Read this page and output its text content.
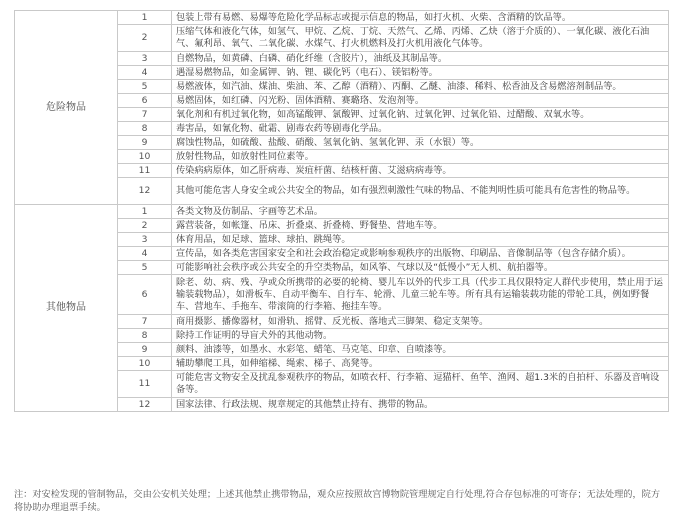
危险物品	1	包装上带有易燃、易爆等危险化学品标志或提示信息的物品，如打火机、火柴、含酒精的饮品等。
	2	压缩气体和液化气体，如氢气、甲烷、乙烷、丁烷、天然气、乙烯、丙烯、乙炔（溶于介质的）、一氧化碳、液化石油气、氟利昂、氧气、二氧化碳、水煤气、打火机燃料及打火机用液化气体等。
	3	自燃物品，如黄磷、白磷、硝化纤维（含胶片），油纸及其制品等。
	4	遇湿易燃物品，如金属钾、钠、锂、碳化钙（电石）、镁铝粉等。
	5	易燃液体，如汽油、煤油、柴油、苯、乙醇（酒精）、丙酮、乙醚、油漆、稀料、松香油及含易燃溶剂制品等。
	6	易燃固体，如红磷、闪光粉、固体酒精、赛璐珞、发泡剂等。
	7	氧化剂和有机过氧化物，如高锰酸钾、氯酸钾、过氧化钠、过氧化钾、过氧化铅、过醋酸、双氧水等。
	8	毒害品，如氰化物、砒霜、剧毒农药等剧毒化学品。
	9	腐蚀性物品，如硫酸、盐酸、硝酸、氢氧化钠、氢氧化钾、汞（水银）等。
	10	放射性物品，如放射性同位素等。
	11	传染病病原体，如乙肝病毒、炭疽杆菌、结核杆菌、艾滋病病毒等。
	12	其他可能危害人身安全或公共安全的物品，如有强烈刺激性气味的物品、不能判明性质可能具有危害性的物品等。
其他物品	1	各类文物及仿制品、字画等艺术品。
	2	露营装备，如帐篷、吊床、折叠桌、折叠椅、野餐垫、营地车等。
	3	体育用品，如足球、篮球、球拍、跳绳等。
	4	宣传品，如各类危害国家安全和社会政治稳定或影响参观秩序的出版物、印刷品、音像制品等（包含存储介质）。
	5	可能影响社会秩序或公共安全的升空类物品，如风筝、气球以及“低慢小”无人机、航拍器等。
	6	除老、幼、病、残、孕或众所携带的必要的轮椅、婴儿车以外的代步工具（代步工具仅限特定人群代步使用，禁止用于运输装载物品），如滑板车、自动平衡车、自行车、轮滑、儿童三轮车等。所有具有运输装载功能的带轮工具，例如野餐车、营地车、手拖车、带滚筒的行李箱、拖挂车等。
	7	商用摄影、播像器材，如滑轨、摇臂、反光板、落地式三脚架、稳定支架等。
	8	除持工作证明的导盲犬外的其他动物。
	9	颜料、油漆等，如墨水、水彩笔、蜡笔、马克笔、印章、自喷漆等。
	10	辅助攀爬工具，如伸缩梯、绳索、梯子、高凳等。
	11	可能危害文物安全及扰乱参观秩序的物品，如喷衣杆、行李箱、逗猫杆、鱼竿、渔网、超1.3米的自拍杆、乐器及音响设备等。
	12	国家法律、行政法规、规章规定的其他禁止持有、携带的物品。
注：对安检发现的管制物品，交由公安机关处理；上述其他禁止携带物品，观众应按照故宫博物院管理规定自行处理,符合存包标准的可寄存；无法处理的，院方将协助办理退票手续。
